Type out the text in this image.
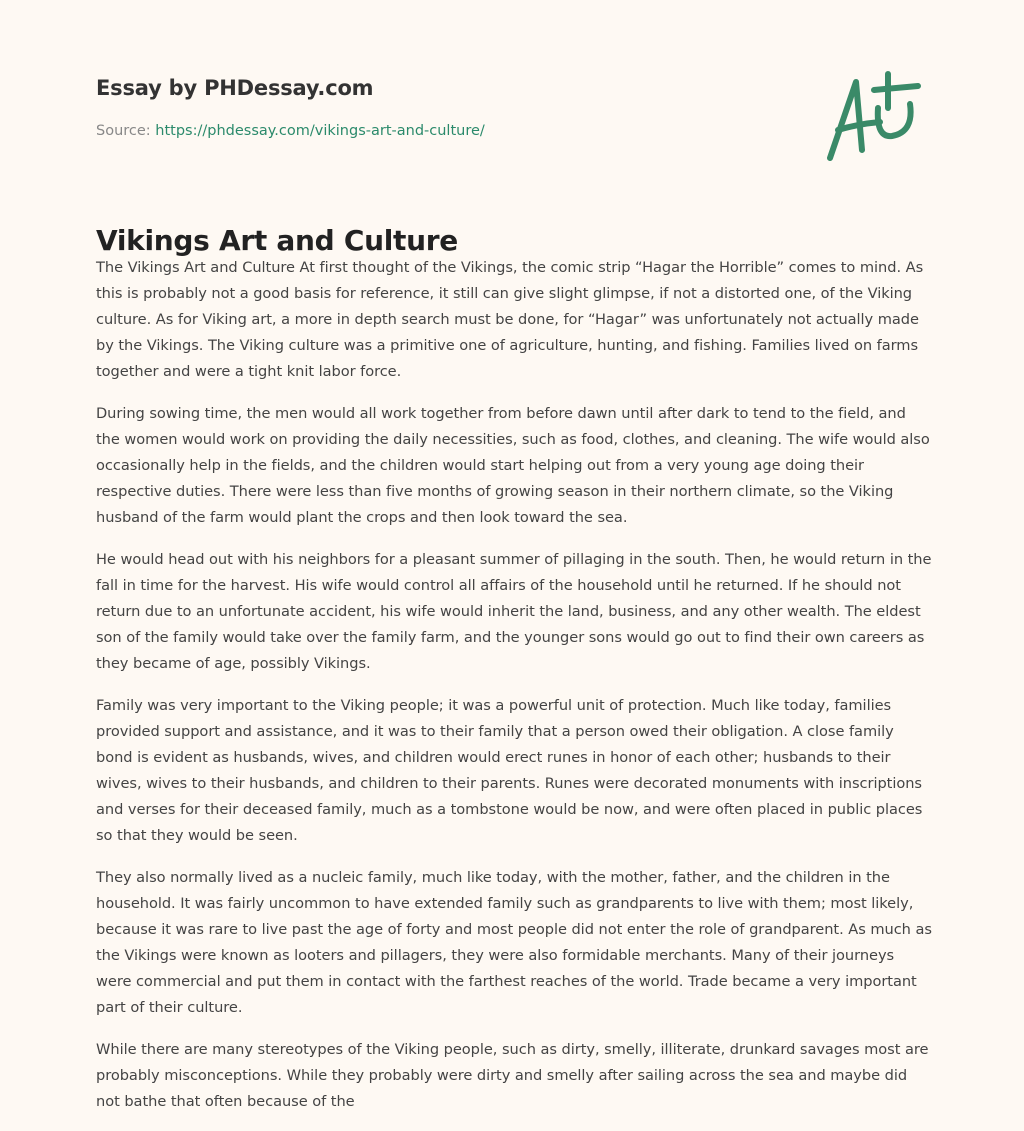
Essay by PHDessay.com
Source: https://phdessay.com/vikings-art-and-culture/
Vikings Art and Culture

The Vikings Art and Culture At first thought of the Vikings, the comic strip “Hagar the Horrible” comes to mind. As this is probably not a good basis for reference, it still can give slight glimpse, if not a distorted one, of the Viking culture. As for Viking art, a more in depth search must be done, for “Hagar” was unfortunately not actually made by the Vikings. The Viking culture was a primitive one of agriculture, hunting, and fishing. Families lived on farms together and were a tight knit labor force.

During sowing time, the men would all work together from before dawn until after dark to tend to the field, and the women would work on providing the daily necessities, such as food, clothes, and cleaning. The wife would also occasionally help in the fields, and the children would start helping out from a very young age doing their respective duties. There were less than five months of growing season in their northern climate, so the Viking husband of the farm would plant the crops and then look toward the sea.

He would head out with his neighbors for a pleasant summer of pillaging in the south. Then, he would return in the fall in time for the harvest. His wife would control all affairs of the household until he returned. If he should not return due to an unfortunate accident, his wife would inherit the land, business, and any other wealth. The eldest son of the family would take over the family farm, and the younger sons would go out to find their own careers as they became of age, possibly Vikings.

Family was very important to the Viking people; it was a powerful unit of protection. Much like today, families provided support and assistance, and it was to their family that a person owed their obligation. A close family bond is evident as husbands, wives, and children would erect runes in honor of each other; husbands to their wives, wives to their husbands, and children to their parents. Runes were decorated monuments with inscriptions and verses for their deceased family, much as a tombstone would be now, and were often placed in public places so that they would be seen.

They also normally lived as a nucleic family, much like today, with the mother, father, and the children in the household. It was fairly uncommon to have extended family such as grandparents to live with them; most likely, because it was rare to live past the age of forty and most people did not enter the role of grandparent. As much as the Vikings were known as looters and pillagers, they were also formidable merchants. Many of their journeys were commercial and put them in contact with the farthest reaches of the world. Trade became a very important part of their culture.

While there are many stereotypes of the Viking people, such as dirty, smelly, illiterate, drunkard savages most are probably misconceptions. While they probably were dirty and smelly after sailing across the sea and maybe did not bathe that often because of the
